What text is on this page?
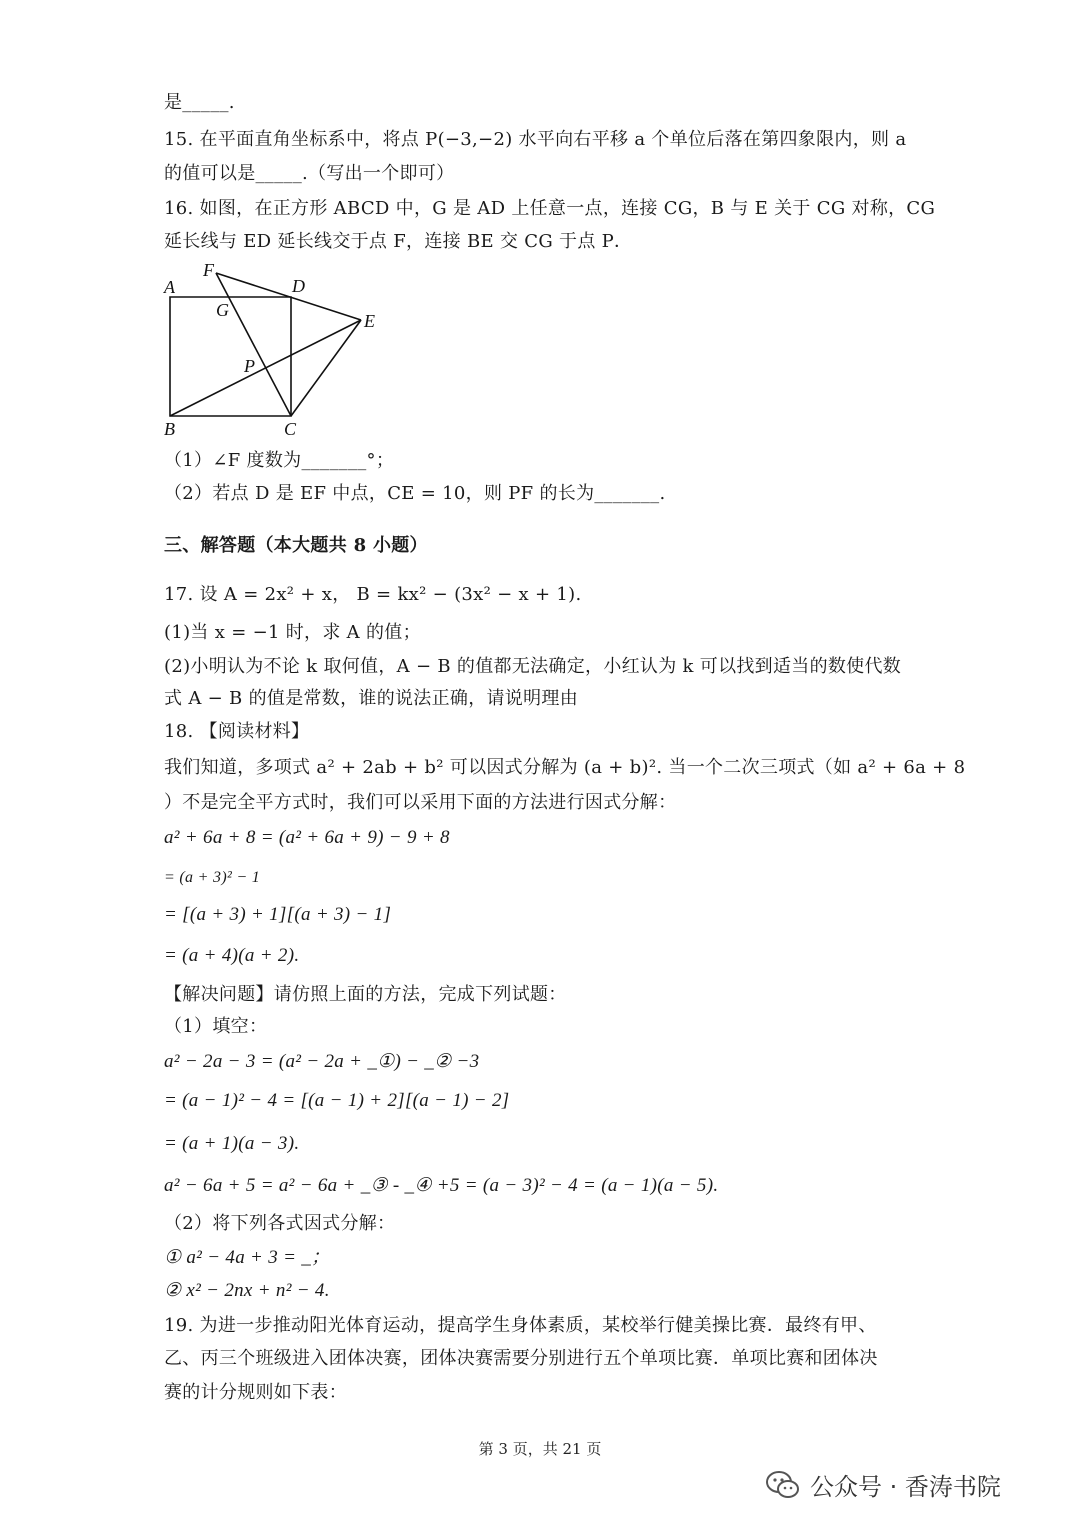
是_____.
15. 在平面直角坐标系中，将点 P(−3,−2) 水平向右平移 a 个单位后落在第四象限内，则 a
的值可以是_____.（写出一个即可）
16. 如图，在正方形 ABCD 中，G 是 AD 上任意一点，连接 CG，B 与 E 关于 CG 对称，CG
延长线与 ED 延长线交于点 F，连接 BE 交 CG 于点 P．
F
A	D
G
E
P
B	C
（1）∠F 度数为_______°；
（2）若点 D 是 EF 中点，CE = 10，则 PF 的长为_______.
三、解答题（本大题共 8 小题）
17. 设 A = 2x² + x， B = kx² − (3x² − x + 1).
(1)当 x = −1 时，求 A 的值；
(2)小明认为不论 k 取何值，A − B 的值都无法确定，小红认为 k 可以找到适当的数使代数
式 A − B 的值是常数，谁的说法正确，请说明理由
18. 【阅读材料】
我们知道，多项式 a² + 2ab + b² 可以因式分解为 (a + b)². 当一个二次三项式（如 a² + 6a + 8
）不是完全平方式时，我们可以采用下面的方法进行因式分解：
a² + 6a + 8 = (a² + 6a + 9) − 9 + 8
= (a + 3)² − 1
= [(a + 3) + 1][(a + 3) − 1]
= (a + 4)(a + 2).
【解决问题】请仿照上面的方法，完成下列试题：
（1）填空：
a² − 2a − 3 = (a² − 2a + _①) − _② −3
= (a − 1)² − 4 = [(a − 1) + 2][(a − 1) − 2]
= (a + 1)(a − 3).
a² − 6a + 5 = a² − 6a + _③ - _④ +5 = (a − 3)² − 4 = (a − 1)(a − 5).
（2）将下列各式因式分解：
① a² − 4a + 3 = _；
② x² − 2nx + n² − 4.
19. 为进一步推动阳光体育运动，提高学生身体素质，某校举行健美操比赛．最终有甲、
乙、丙三个班级进入团体决赛，团体决赛需要分别进行五个单项比赛．单项比赛和团体决
赛的计分规则如下表：
第 3 页，共 21 页
公众号 · 香涛书院
